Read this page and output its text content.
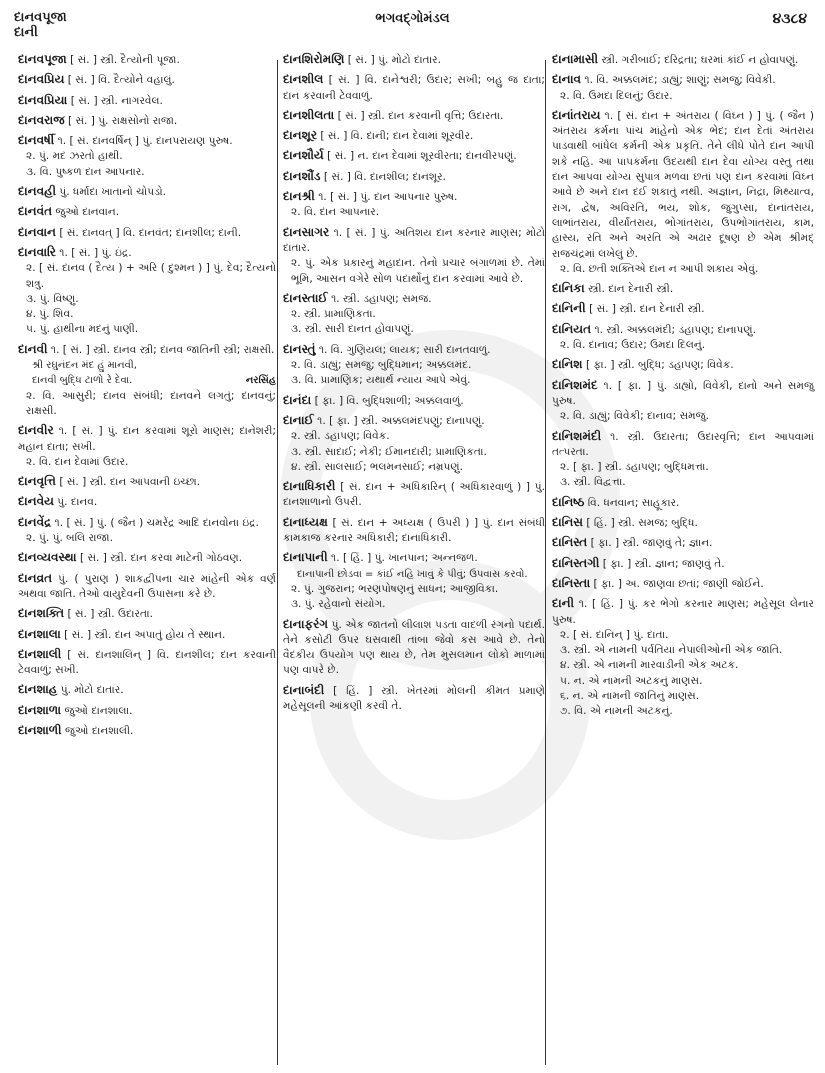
દાનવપૂજા
દાની
ભગવદ્ગોમંડલ	૪૩૮૪
દાનવપૂજા [ સં. ] સ્ત્રી. દૈત્યોની પૂજા.
દાનવપ્રિય [ સં. ] વિ. દૈત્યોને વહાલું.
દાનવપ્રિયા [ સં. ] સ્ત્રી. નાગરવેલ.
દાનવરાજ [ સં. ] પું. રાક્ષસોનો રાજા.
દાનવર્ષી ૧. [ સં. દાનવર્ષિન્ ] પું. દાનપરાયણ પુરુષ.
૨. પું. મદ ઝરતો હાથી.
૩. વિ. પુષ્કળ દાન આપનાર.
દાનવહી પું. ધર્માદા ખાતાનો ચોપડો.
દાનવંત જુઓ દાનવાન.
દાનવાન [ સં. દાનવત્ ] વિ. દાનવંત; દાનશીલ; દાની.
દાનવારિ ૧. [ સં. ] પું. ઇંદ્ર.
૨. [ સં. દાનવ ( દૈત્ય ) + અરિ ( દુશ્મન ) ] પું. દેવ; દૈત્યનો શત્રુ.
૩. પું. વિષ્ણુ.
૪. પું. શિવ.
૫. પું. હાથીના મદનું પાણી.
દાનવી ૧. [ સં. ] સ્ત્રી. દાનવ સ્ત્રી; દાનવ જાતિની સ્ત્રી; રાક્ષસી.
શ્રી રઘુનંદન મંદ હું માનવી,
દાનવી બુદ્ધિ ટાળો રે દેવા.	નરસિંહ
૨. વિ. આસુરી; દાનવ સંબંધી; દાનવને લગતું; દાનવનું; રાક્ષસી.
દાનવીર ૧. [ સં. ] પું. દાન કરવામાં શૂરો માણસ; દાનેશરી; મહાન દાતા; સખી.
૨. વિ. દાન દેવામાં ઉદાર.
દાનવૃત્તિ [ સં. ] સ્ત્રી. દાન આપવાની ઇચ્છા.
દાનવેય પું. દાનવ.
દાનવેંદ્ર ૧. [ સં. ] પું. ( જૈન ) ચમરેંદ્ર આદિ દાનવોના ઇંદ્ર.
૨. પું. પું. બલિ રાજા.
દાનવ્યવસ્થા [ સં. ] સ્ત્રી. દાન કરવા માટેની ગોઠવણ.
દાનવ્રત પું. ( પુરાણ ) શાકદ્વીપના ચાર માંહેની એક વર્ણ અથવા જાતિ. તેઓ વાયુદેવની ઉપાસના કરે છે.
દાનશક્તિ [ સં. ] સ્ત્રી. ઉદારતા.
દાનશાલા [ સં. ] સ્ત્રી. દાન અપાતું હોય તે સ્થાન.
દાનશાલી [ સં. દાનશાલિન્ ] વિ. દાનશીલ; દાન કરવાની ટેવવાળું; સખી.
દાનશાહ પું. મોટો દાતાર.
દાનશાળા જુઓ દાનશાલા.
દાનશાળી જુઓ દાનશાલી.
દાનશિરોમણિ [ સં. ] પું. મોટો દાતાર.
દાનશીલ [ સં. ] વિ. દાનેશ્વરી; ઉદાર; સખી; બહુ જ દાતા; દાન કરવાની ટેવવાળું.
દાનશીલતા [ સં. ] સ્ત્રી. દાન કરવાની વૃત્તિ; ઉદારતા.
દાનશૂર [ સં. ] વિ. દાની; દાન દેવામાં શૂરવીર.
દાનશૌર્ય [ સં. ] ન. દાન દેવામાં શૂરવીરતા; દાનવીરપણું.
દાનશૌંડ [ સં. ] વિ. દાનશીલ; દાનશૂર.
દાનશ્રી ૧. [ સં. ] પું. દાન આપનાર પુરુષ.
૨. વિ. દાન આપનાર.
દાનસાગર ૧. [ સં. ] પું. અતિશય દાન કરનાર માણસ; મોટો દાતાર.
૨. પું. એક પ્રકારનું મહાદાન. તેનો પ્રચાર બંગાળમાં છે. તેમાં ભૂમિ, આસન વગેરે સોળ પદાર્થોનું દાન કરવામાં આવે છે.
દાનસ્તાઈ ૧. સ્ત્રી. ડહાપણ; સમજ.
૨. સ્ત્રી. પ્રામાણિકતા.
૩. સ્ત્રી. સારી દાનત હોવાપણું.
દાનસ્તું ૧. વિ. ગુણિયલ; લાયક; સારી દાનતવાળું.
૨. વિ. ડાહ્યું; સમજુ; બુદ્ધિમાન; અક્કલમંદ.
૩. વિ. પ્રામાણિક; યથાર્થ ન્યાય આપે એવું.
દાનંદા [ ફા. ] વિ. બુદ્ધિશાળી; અક્કલવાળું.
દાનાઈ ૧. [ ફા. ] સ્ત્રી. અક્કલમંદપણું; દાનાપણું.
૨. સ્ત્રી. ડહાપણ; વિવેક.
૩. સ્ત્રી. સાદાઈ; નેકી; ઈમાનદારી; પ્રામાણિકતા.
૪. સ્ત્રી. સાલસાઈ; ભલમનસાઈ; નમ્રપણું.
દાનાધિકારી [ સં. દાન + અધિકારિન્ ( અધિકારવાળું ) ] પું. દાનશાળાનો ઉપરી.
દાનાધ્યક્ષ [ સં. દાન + અધ્યક્ષ ( ઉપરી ) ] પું. દાન સંબંધી કામકાજ કરનાર અધિકારી; દાનાધિકારી.
દાનાપાની ૧. [ હિં. ] પું. ખાનપાન; અન્નજળ.
દાનાપાની છોડવા = કાંઈ નહિ ખાવું કે પીવું; ઉપવાસ કરવો.
૨. પું. ગુજરાન; ભરણપોષણનું સાધન; આજીવિકા.
૩. પું. રહેવાનો સંયોગ.
દાનાફરંગ પું. એક જાતનો લીલાશ પડતા વાદળી રંગનો પદાર્થ. તેને કસોટી ઉપર ઘસવાથી તાંબા જેવો કસ આવે છે. તેનો વૈદકીય ઉપયોગ પણ થાય છે, તેમ મુસલમાન લોકો માળામાં પણ વાપરે છે.
દાનાબંદી [ હિં. ] સ્ત્રી. ખેતરમાં મોલની કીમત પ્રમાણે મહેસૂલની આંકણી કરવી તે.
દાનામાસી સ્ત્રી. ગરીબાઈ; દરિદ્રતા; ઘરમાં કાંઈ ન હોવાપણું.
દાનાવ ૧. વિ. અક્કલમંદ; ડાહ્યું; શાણું; સમજુ; વિવેકી.
૨. વિ. ઉમદા દિલનું; ઉદાર.
દાનાંતરાય ૧. [ સં. દાન + અંતરાય ( વિઘ્ન ) ] પું. ( જૈન ) અંતરાય કર્મના પાંચ માંહેનો એક ભેદ; દાન દેતાં અંતરાય પાડવાથી બાંધેલ કર્મની એક પ્રકૃતિ. તેને લીધે પોતે દાન આપી શકે નહિ. આ પાપકર્મના ઉદયથી દાન દેવા યોગ્ય વસ્તુ તથા દાન આપવા યોગ્ય સુપાત્ર મળવા છતાં પણ દાન કરવામાં વિઘ્ન આવે છે અને દાન દઈ શકાતું નથી. અજ્ઞાન, નિદ્રા, મિથ્યાત્વ, રાગ, દ્વેષ, અવિરતિ, ભય, શોક, જુગુપ્સા, દાનાંતરાય, લાભાંતરાય, વીર્યાંતરાય, ભોગાંતરાય, ઉપભોગાંતરાય, કામ, હાસ્ય, રતિ અને અરતિ એ અઢાર દૂષણ છે એમ શ્રીમદ્ રાજચંદ્રમાં લખેલું છે.
૨. વિ. છતી શક્તિએ દાન ન આપી શકાય એવું.
દાનિકા સ્ત્રી. દાન દેનારી સ્ત્રી.
દાનિની [ સં. ] સ્ત્રી. દાન દેનારી સ્ત્રી.
દાનિયત ૧. સ્ત્રી. અક્કલમંદી; ડહાપણ; દાનાપણું.
૨. વિ. દાનાવ; ઉદાર; ઉમદા દિલનું.
દાનિશ [ ફા. ] સ્ત્રી. બુદ્ધિ; ડહાપણ; વિવેક.
દાનિશમંદ ૧. [ ફા. ] પું. ડાહ્યો, વિવેકી, દાનો અને સમજુ પુરુષ.
૨. વિ. ડાહ્યું; વિવેકી; દાનાવ; સમજુ.
દાનિશમંદી ૧. સ્ત્રી. ઉદારતા; ઉદારવૃત્તિ; દાન આપવામાં તત્પરતા.
૨. [ ફા. ] સ્ત્રી. ડહાપણ; બુદ્ધિમત્તા.
૩. સ્ત્રી. વિદ્વત્તા.
દાનિષ્ઠ વિ. ધનવાન; સાહૂકાર.
દાનિસ [ હિં. ] સ્ત્રી. સમજ; બુદ્ધિ.
દાનિસ્ત [ ફા. ] સ્ત્રી. જાણવું તે; જ્ઞાન.
દાનિસ્તગી [ ફા. ] સ્ત્રી. જ્ઞાન; જાણવું તે.
દાનિસ્તા [ ફા. ] અ. જાણવા છતાં; જાણી જોઈને.
દાની ૧. [ હિં. ] પું. કર ભેગો કરનાર માણસ; મહેસૂલ લેનાર પુરુષ.
૨. [ સં. દાનિન્ ] પું. દાતા.
૩. સ્ત્રી. એ નામની પર્વતિયા નેપાલીઓની એક જાતિ.
૪. સ્ત્રી. એ નામની મારવાડીની એક અટક.
૫. ન. એ નામની અટકનું માણસ.
૬. ન. એ નામની જાતિનું માણસ.
૭. વિ. એ નામની અટકનું.
